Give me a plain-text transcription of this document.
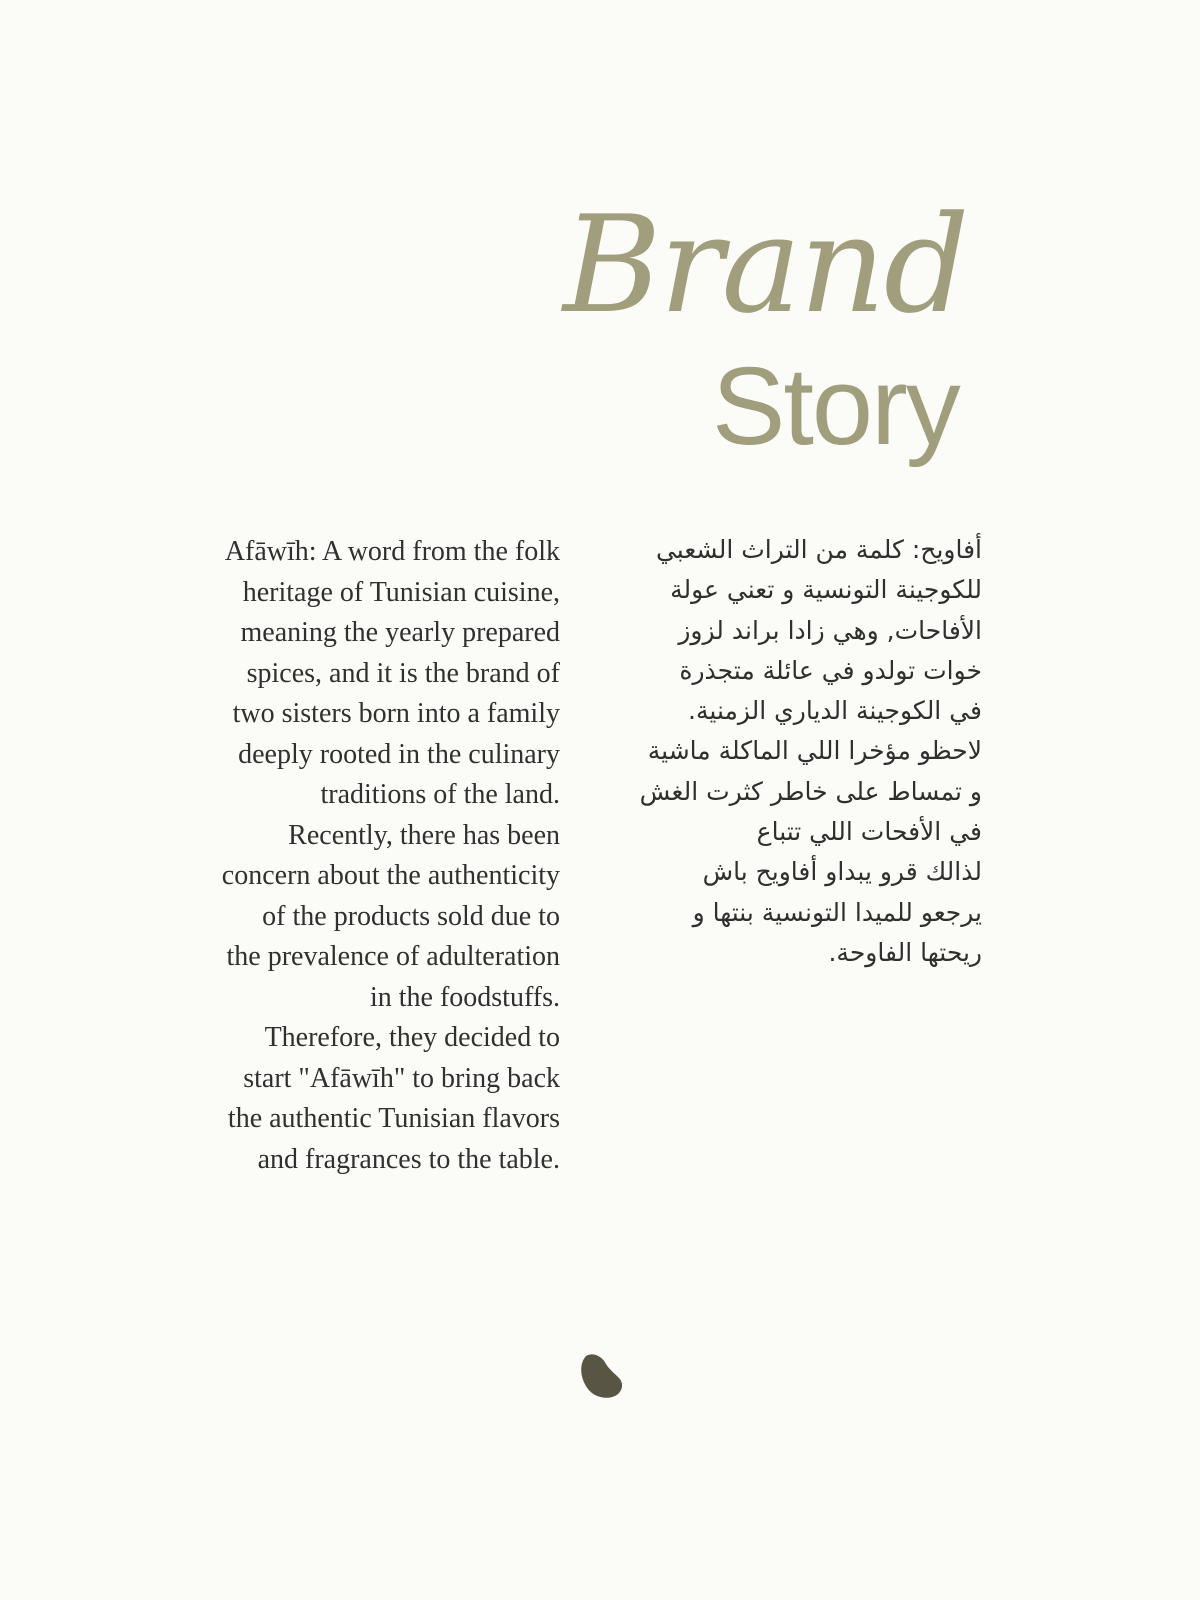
Brand
Story
Afāwīh: A word from the folk
heritage of Tunisian cuisine,
meaning the yearly prepared
spices, and it is the brand of
two sisters born into a family
deeply rooted in the culinary
traditions of the land.
Recently, there has been
concern about the authenticity
of the products sold due to
the prevalence of adulteration
in the foodstuffs.
Therefore, they decided to
start "Afāwīh" to bring back
the authentic Tunisian flavors
and fragrances to the table.
أفاويح: كلمة من التراث الشعبي
للكوجينة التونسية و تعني عولة
الأفاحات, وهي زادا براند لزوز
خوات تولدو في عائلة متجذرة
في الكوجينة الدياري الزمنية.
لاحظو مؤخرا اللي الماكلة ماشية
و تمساط على خاطر كثرت الغش
في الأفحات اللي تتباع
لذالك قرو يبداو أفاويح باش
يرجعو للميدا التونسية بنتها و
ريحتها الفاوحة.
